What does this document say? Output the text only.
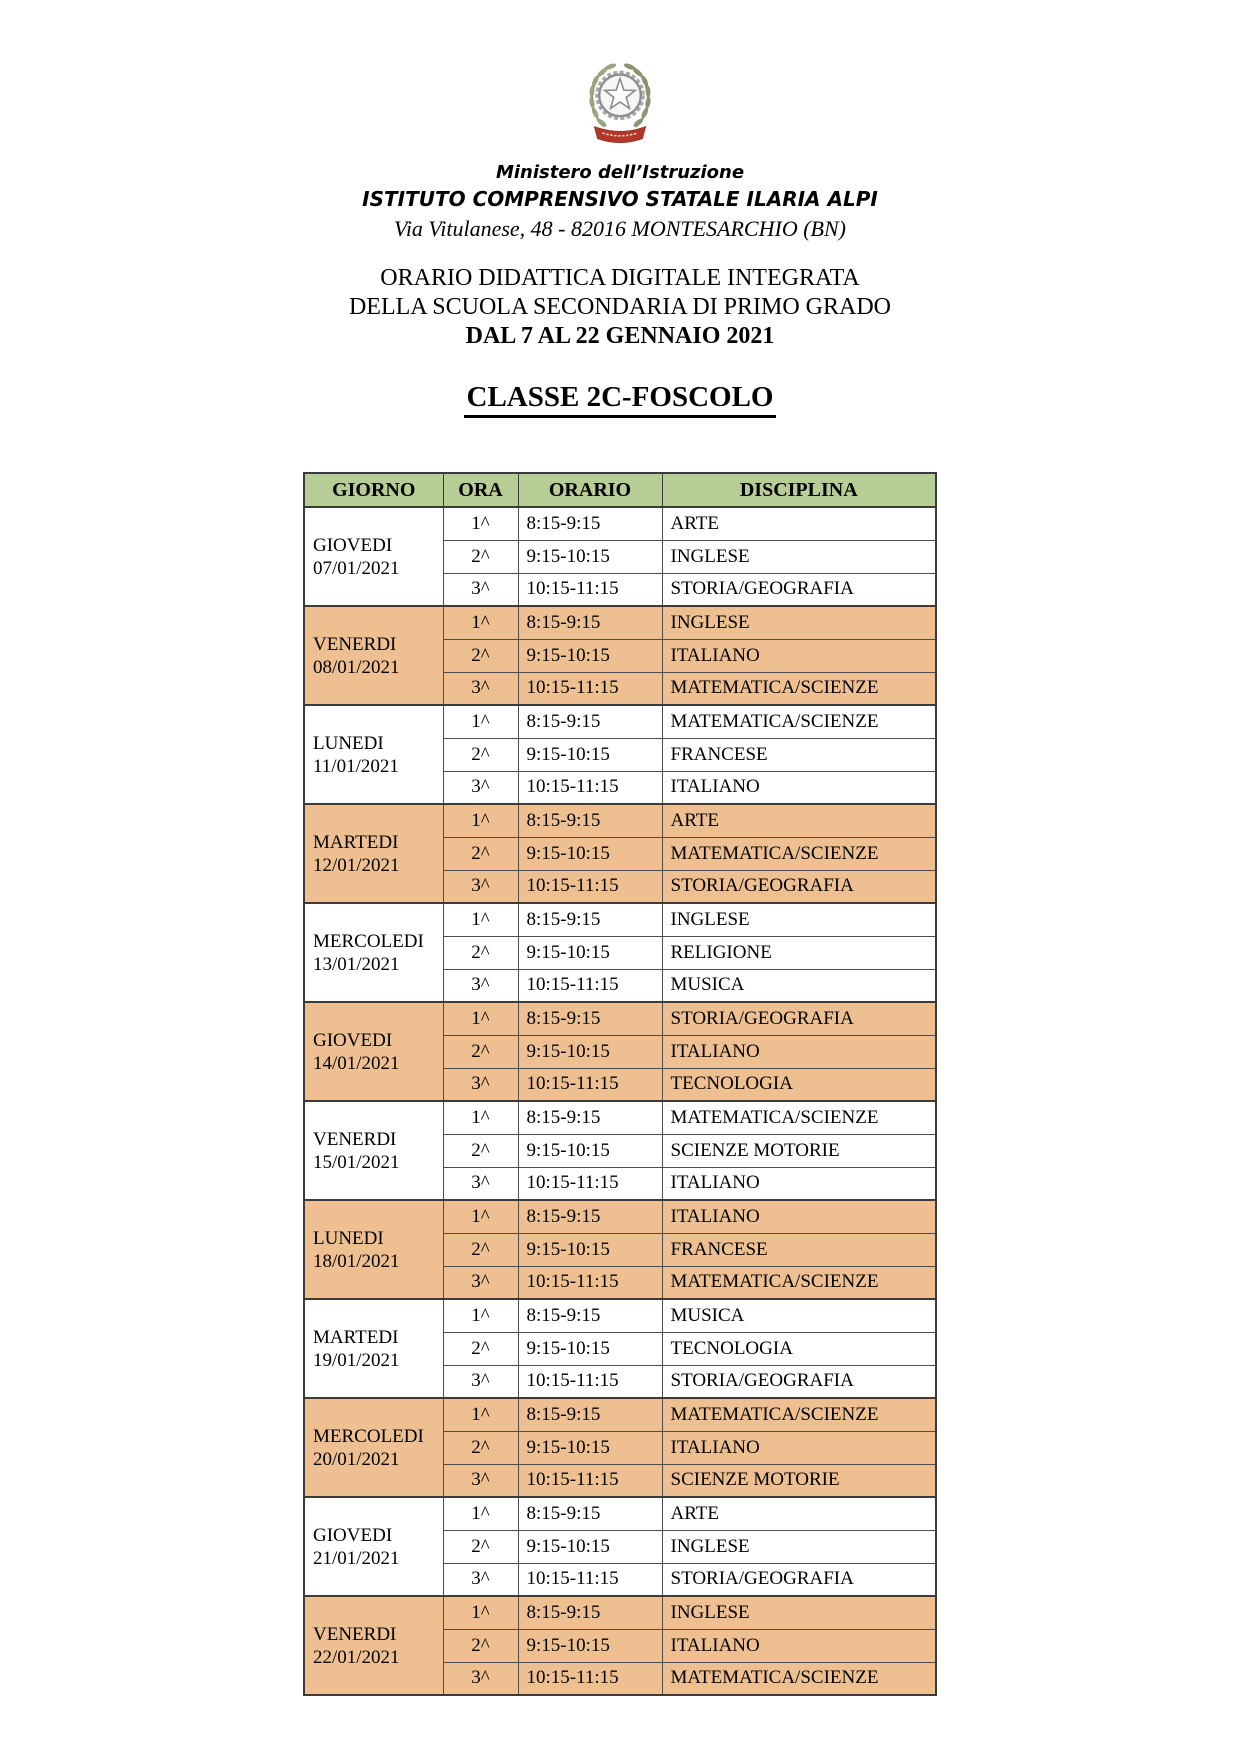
Ministero dell’Istruzione
ISTITUTO COMPRENSIVO STATALE ILARIA ALPI
Via Vitulanese, 48 - 82016 MONTESARCHIO (BN)
ORARIO DIDATTICA DIGITALE INTEGRATA
DELLA SCUOLA SECONDARIA DI PRIMO GRADO
DAL 7 AL 22 GENNAIO 2021
CLASSE 2C-FOSCOLO
GIORNO	ORA	ORARIO	DISCIPLINA

GIOVEDI
07/01/2021	1^	8:15-9:15	ARTE
	2^	9:15-10:15	INGLESE
	3^	10:15-11:15	STORIA/GEOGRAFIA

VENERDI
08/01/2021	1^	8:15-9:15	INGLESE
	2^	9:15-10:15	ITALIANO
	3^	10:15-11:15	MATEMATICA/SCIENZE

LUNEDI
11/01/2021	1^	8:15-9:15	MATEMATICA/SCIENZE
	2^	9:15-10:15	FRANCESE
	3^	10:15-11:15	ITALIANO

MARTEDI
12/01/2021	1^	8:15-9:15	ARTE
	2^	9:15-10:15	MATEMATICA/SCIENZE
	3^	10:15-11:15	STORIA/GEOGRAFIA

MERCOLEDI
13/01/2021	1^	8:15-9:15	INGLESE
	2^	9:15-10:15	RELIGIONE
	3^	10:15-11:15	MUSICA

GIOVEDI
14/01/2021	1^	8:15-9:15	STORIA/GEOGRAFIA
	2^	9:15-10:15	ITALIANO
	3^	10:15-11:15	TECNOLOGIA

VENERDI
15/01/2021	1^	8:15-9:15	MATEMATICA/SCIENZE
	2^	9:15-10:15	SCIENZE MOTORIE
	3^	10:15-11:15	ITALIANO

LUNEDI
18/01/2021	1^	8:15-9:15	ITALIANO
	2^	9:15-10:15	FRANCESE
	3^	10:15-11:15	MATEMATICA/SCIENZE

MARTEDI
19/01/2021	1^	8:15-9:15	MUSICA
	2^	9:15-10:15	TECNOLOGIA
	3^	10:15-11:15	STORIA/GEOGRAFIA

MERCOLEDI
20/01/2021	1^	8:15-9:15	MATEMATICA/SCIENZE
	2^	9:15-10:15	ITALIANO
	3^	10:15-11:15	SCIENZE MOTORIE

GIOVEDI
21/01/2021	1^	8:15-9:15	ARTE
	2^	9:15-10:15	INGLESE
	3^	10:15-11:15	STORIA/GEOGRAFIA

VENERDI
22/01/2021	1^	8:15-9:15	INGLESE
	2^	9:15-10:15	ITALIANO
	3^	10:15-11:15	MATEMATICA/SCIENZE
